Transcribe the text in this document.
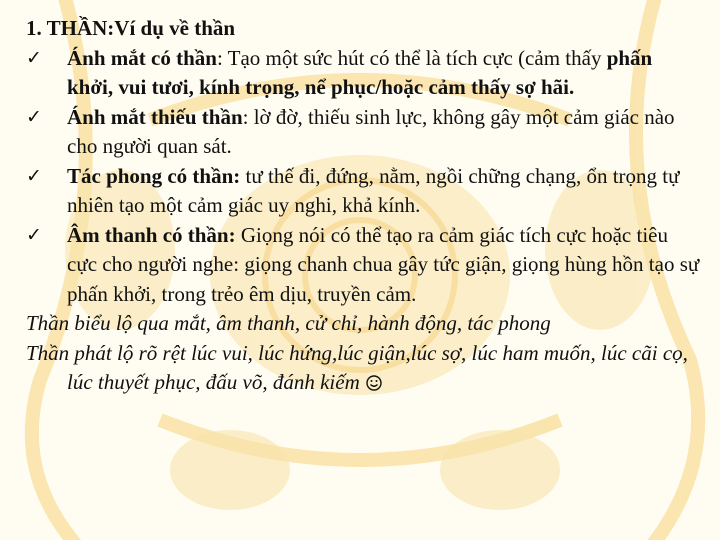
1. THẦN:Ví dụ về thần
✓ Ánh mắt có thần: Tạo một sức hút có thể là tích cực (cảm thấy phấn khởi, vui tươi, kính trọng, nể phục/hoặc cảm thấy sợ hãi.
✓ Ánh mắt thiếu thần: lờ đờ, thiếu sinh lực, không gây một cảm giác nào cho người quan sát.
✓ Tác phong có thần: tư thế đi, đứng, nằm, ngồi chững chạng, ổn trọng tự nhiên tạo một cảm giác uy nghi, khả kính.
✓ Âm thanh có thần: Giọng nói có thể tạo ra cảm giác tích cực hoặc tiêu cực cho người nghe: giọng chanh chua gây tức giận, giọng hùng hồn tạo sự phấn khởi, trong trẻo êm dịu, truyền cảm.
Thần biểu lộ qua mắt, âm thanh, cử chỉ, hành động, tác phong
Thần phát lộ rõ rệt lúc vui, lúc hứng,lúc giận,lúc sợ, lúc ham muốn, lúc cãi cọ, lúc thuyết phục, đấu võ, đánh kiếm
